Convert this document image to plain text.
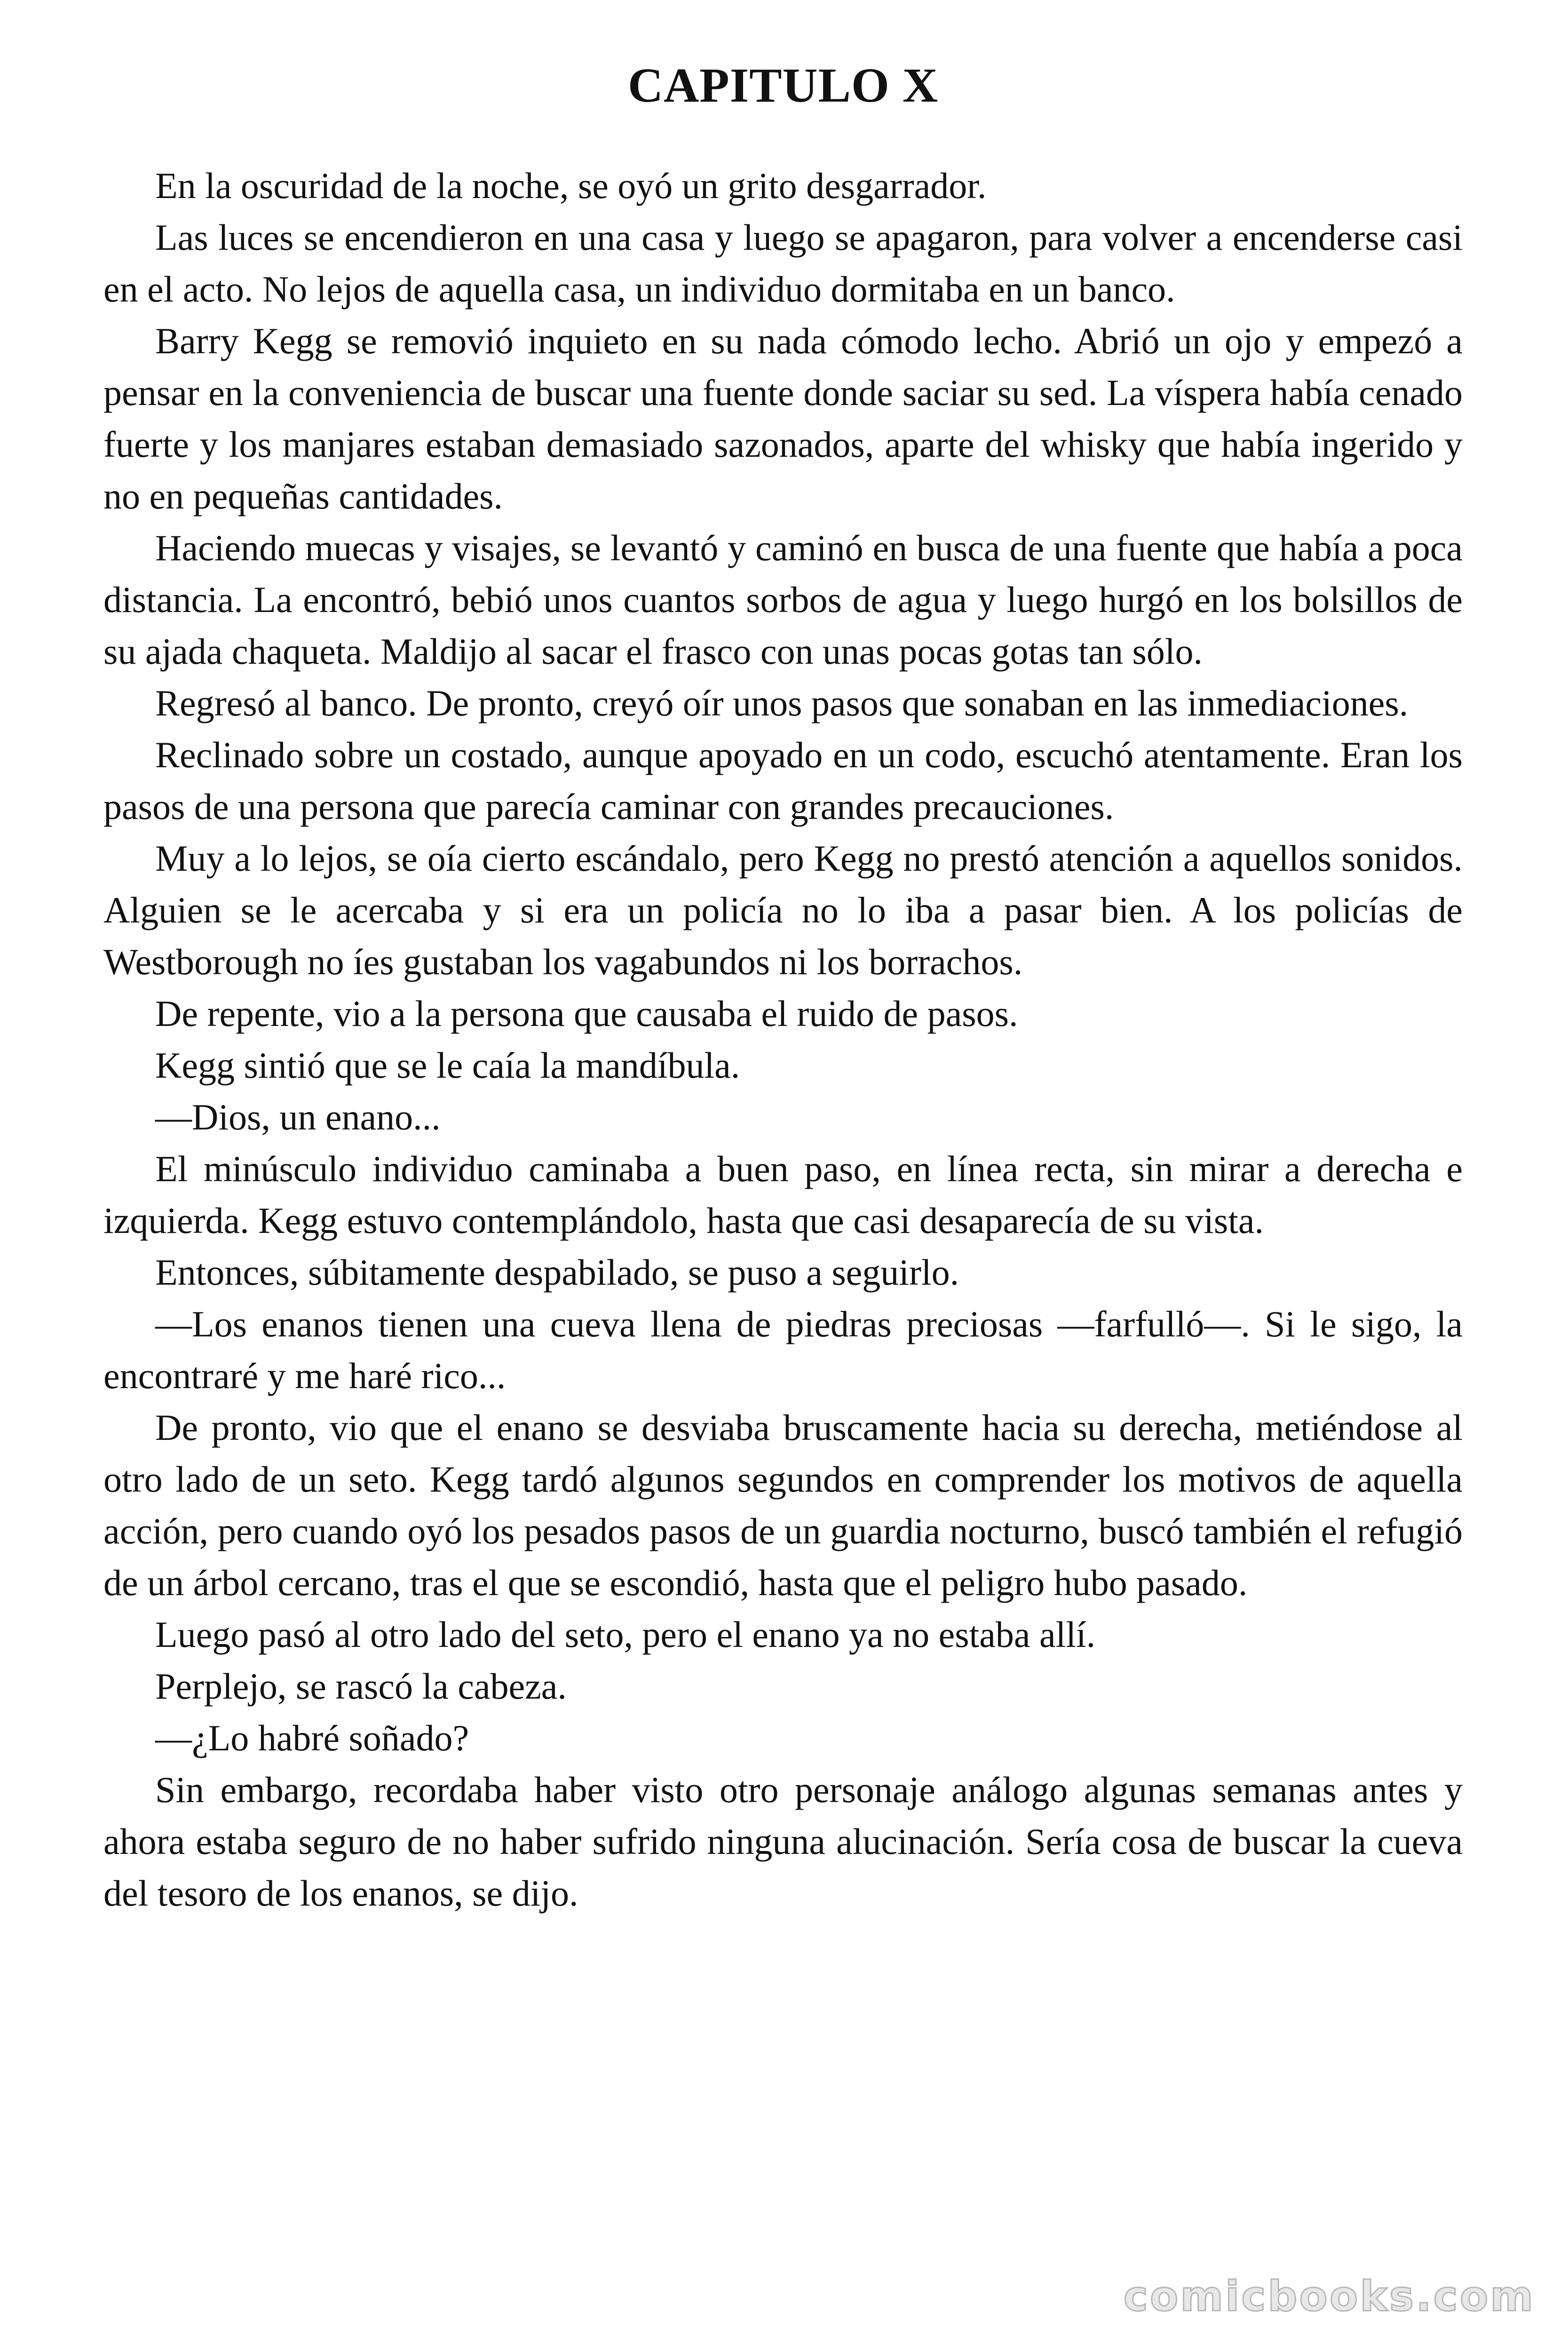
CAPITULO X

En la oscuridad de la noche, se oyó un grito desgarrador.

Las luces se encendieron en una casa y luego se apagaron, para volver a encenderse casi en el acto. No lejos de aquella casa, un individuo dormitaba en un banco.

Barry Kegg se removió inquieto en su nada cómodo lecho. Abrió un ojo y empezó a pensar en la conveniencia de buscar una fuente donde saciar su sed. La víspera había cenado fuerte y los manjares estaban demasiado sazonados, aparte del whisky que había ingerido y no en pequeñas cantidades.

Haciendo muecas y visajes, se levantó y caminó en busca de una fuente que había a poca distancia. La encontró, bebió unos cuantos sorbos de agua y luego hurgó en los bolsillos de su ajada chaqueta. Maldijo al sacar el frasco con unas pocas gotas tan sólo.

Regresó al banco. De pronto, creyó oír unos pasos que sonaban en las inmediaciones.

Reclinado sobre un costado, aunque apoyado en un codo, escuchó atentamente. Eran los pasos de una persona que parecía caminar con grandes precauciones.

Muy a lo lejos, se oía cierto escándalo, pero Kegg no prestó atención a aquellos sonidos. Alguien se le acercaba y si era un policía no lo iba a pasar bien. A los policías de Westborough no íes gustaban los vagabundos ni los borrachos.

De repente, vio a la persona que causaba el ruido de pasos.

Kegg sintió que se le caía la mandíbula.

—Dios, un enano...

El minúsculo individuo caminaba a buen paso, en línea recta, sin mirar a derecha e izquierda. Kegg estuvo contemplándolo, hasta que casi desaparecía de su vista.

Entonces, súbitamente despabilado, se puso a seguirlo.

—Los enanos tienen una cueva llena de piedras preciosas —farfulló—. Si le sigo, la encontraré y me haré rico...

De pronto, vio que el enano se desviaba bruscamente hacia su derecha, metiéndose al otro lado de un seto. Kegg tardó algunos segundos en comprender los motivos de aquella acción, pero cuando oyó los pesados pasos de un guardia nocturno, buscó también el refugió de un árbol cercano, tras el que se escondió, hasta que el peligro hubo pasado.

Luego pasó al otro lado del seto, pero el enano ya no estaba allí.

Perplejo, se rascó la cabeza.

—¿Lo habré soñado?

Sin embargo, recordaba haber visto otro personaje análogo algunas semanas antes y ahora estaba seguro de no haber sufrido ninguna alucinación. Sería cosa de buscar la cueva del tesoro de los enanos, se dijo.

comicbooks.com
